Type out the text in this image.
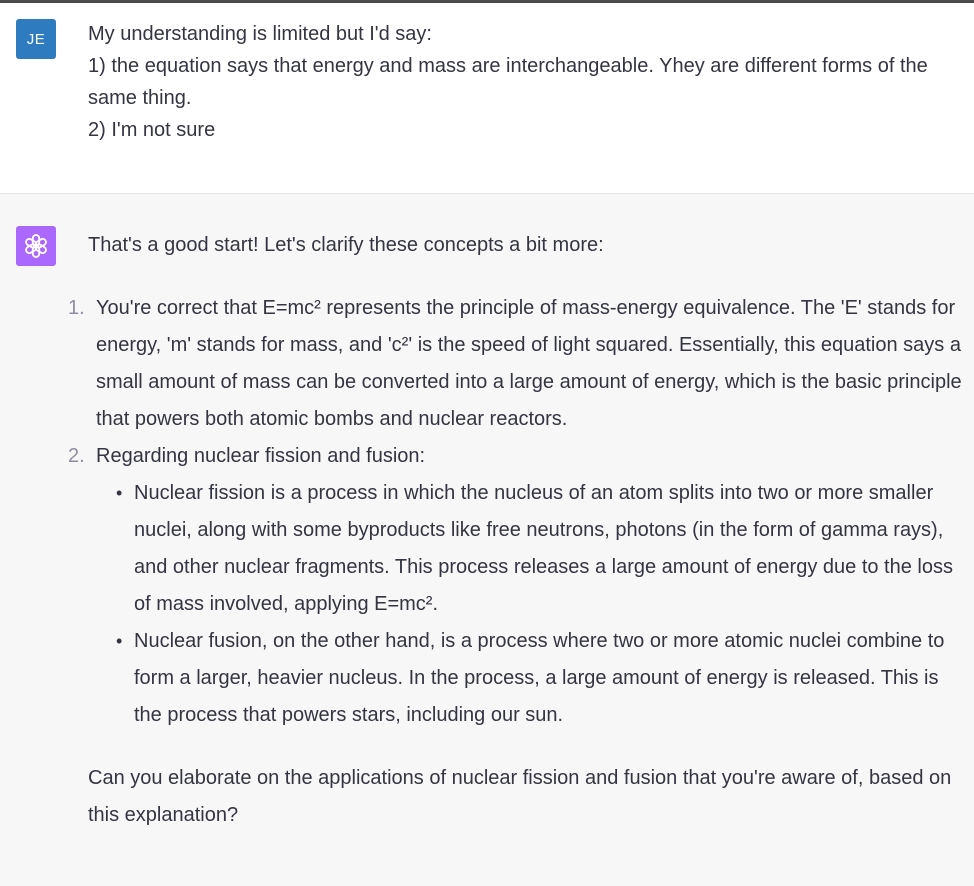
JE My understanding is limited but I'd say:
1) the equation says that energy and mass are interchangeable. Yhey are different forms of the same thing.
2) I'm not sure

That's a good start! Let's clarify these concepts a bit more:

1. You're correct that E=mc² represents the principle of mass-energy equivalence. The 'E' stands for energy, 'm' stands for mass, and 'c²' is the speed of light squared. Essentially, this equation says a small amount of mass can be converted into a large amount of energy, which is the basic principle that powers both atomic bombs and nuclear reactors.
2. Regarding nuclear fission and fusion:
• Nuclear fission is a process in which the nucleus of an atom splits into two or more smaller nuclei, along with some byproducts like free neutrons, photons (in the form of gamma rays), and other nuclear fragments. This process releases a large amount of energy due to the loss of mass involved, applying E=mc².
• Nuclear fusion, on the other hand, is a process where two or more atomic nuclei combine to form a larger, heavier nucleus. In the process, a large amount of energy is released. This is the process that powers stars, including our sun.

Can you elaborate on the applications of nuclear fission and fusion that you're aware of, based on this explanation?
